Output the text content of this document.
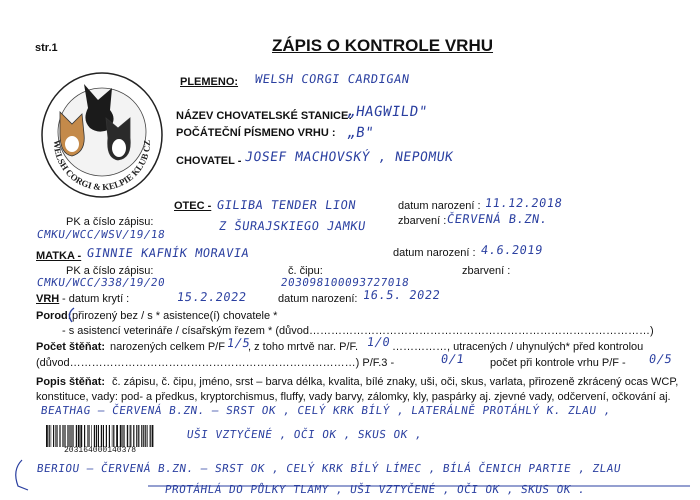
str.1	ZÁPIS O KONTROLE VRHU
WELSH CORGI & KELPIE KLUB CZ
PLEMENO: WELSH CORGI CARDIGAN
NÁZEV CHOVATELSKÉ STANICE:
„HAGWILD"
POČÁTEČNÍ PÍSMENO VRHU : „B"
CHOVATEL - JOSEF MACHOVSKÝ , NEPOMUK
OTEC - GILIBA TENDER LION
Z ŠURAJSKIEGO JAMKU
datum narození : 11.12.2018
zbarvení : ČERVENÁ B.ZN.
PK a číslo zápisu:
CMKU/WCC/WSV/19/18
MATKA - GINNIE KAFNÍK MORAVIA	datum narození : 4.6.2019
PK a číslo zápisu:	č. čipu:	zbarvení :
CMKU/WCC/338/19/20	203098100093727018
VRH - datum krytí :	15.2.2022	datum narození: 16.5. 2022
Porod: přirozený bez / s * asistence(í) chovatele *
- s asistencí veterináře / císařským řezem * (důvod…………………………………………………………………………………)
Počet štěňat: narozených celkem P/F 1/5
, z toho mrtvě nar. P/F. 1/0 ……………, utracených / uhynulých* před kontrolou
(důvod……………………………………………………………………) P/F.3 -	0/1 počet při kontrole vrhu P/F - 0/5
Popis štěňat: č. zápisu, č. čipu, jméno, srst – barva délka, kvalita, bílé znaky, uši, oči, skus, varlata, přirozeně zkrácený ocas WCP,
konstituce, vady: pod- a předkus, kryptorchismus, fluffy, vady barvy, zálomky, kly, paspárky aj. zjevné vady, odčervení, očkování aj.
BEATHAG – ČERVENÁ B.ZN. – SRST OK , CELÝ KRK BÍLÝ , LATERÁLNĚ PROTÁHLÝ K. ZLAU ,
UŠI VZTYČENÉ , OČI OK , SKUS OK ,
203164000140378
BERIOU – ČERVENÁ B.ZN. – SRST OK , CELÝ KRK BÍLÝ LÍMEC , BÍLÁ ČENICH PARTIE , ZLAU
PROTÁHLÁ DO PŮLKY TLAMY , UŠI VZTYČENÉ , OČI OK , SKUS OK .
